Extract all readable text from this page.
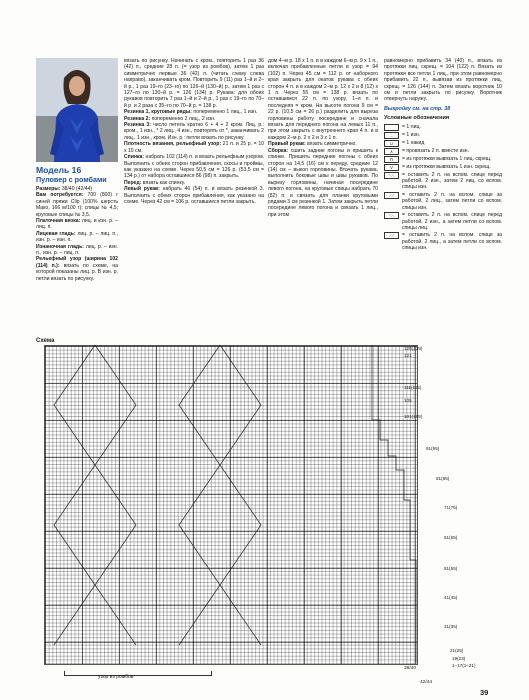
Модель 16
Пуловер с ромбами

Размеры: 38/40 (42/44)

Вам потребуется: 700 (800) г синей пряжи Clip (100% шерсть Мако, 166 м/100 г); спицы № 4,5; круговые спицы № 3,5.

Платочная вязка: лиц. и изн. р. – лиц. п.

Лицевая гладь: лиц. р. – лиц. п., изн. р. – изн. п.

Изнаночная гладь: лиц. р. – изн. п., изн. р. – лиц. п.

Рельефный узор (ширина 102 (114) п.): вязать по схеме, на которой показаны лиц. р. В изн. р. петли вязать по рисунку.

вязать по рисунку. Начинать с кром., повторить 1 раз 36 (42) п., средние 28 п. (= узор из ромбов), затем 1 раз симметрично первые 36 (42) п. (читать схему слева направо), заканчивать кром. Повторить 9 (11) раз 1–й и 2–й р., 1 раз 19–го (23–го) по 126–й (130–й) р., затем 1 раз с 127–го по 130–й р. = 126 (134) р. Рукава: для обоих рукавов повторить 7 раз 1–й и 2–й р., 1 раз с 19–го по 70–й р. и 2 раза с 35–го по 70–й р. = 138 р.

Резинка 1, круговые ряды: попеременно 1 лиц., 1 изн.

Резинка 2: попеременно 2 лиц., 2 изн.

Резинка 3: число петель кратно 6 + 4 + 2 кром. Лиц. р.: кром., 1 изн., * 2 лиц., 4 изн., повторять от *, заканчивать 2 лиц., 1 изн., кром. Изн. р.: петли вязать по рисунку.

Плотность вязания, рельефный узор: 21 п. и 25 р. = 10 х 10 см.

Спинка: набрать 102 (114) п. и вязать рельефным узором. Выполнить с обеих сторон прибавления, скосы и проймы, как указано на схеме. Через 50,5 см = 126 р. (53,5 см = 134 р.) от набора оставшиеся 86 (98) п. закрыть.

Перед: вязать как спинку.

Левый рукав: набрать 46 (54) п. и вязать резинкой 3. Выполнить с обеих сторон прибавления, как указано на схеме. Через 42 см = 106 р. оставшиеся петли закрыть.

дом 4–м р. 18 х 1 п. и в каждом 6–м р. 9 х 1 п., включая прибавленные петли в узор = 94 (102) п. Через 45 см = 112 р. от наборного края закрыть для окатов рукава с обеих сторон 4 п. и в каждом 2–м р. 12 х 2 и 8 (12) х 1 п. Через 55 см = 138 р. вязать по оставшимся 22 п. по узору, 1–я п. и последняя = кром. На высоте погона 9 см = 22 р. (10,5 см = 26 р.) разделить для выреза горловины работу посередине и сначала вязать для переднего погона на левых 11 п., при этом закрыть с внутреннего края 4 п. и в каждом 2–м р. 2 х 2 и 3 х 1 п.

Правый рукав: вязать симметрично.

Сборка: сшить задние погоны и пришить к спинке. Пришить передние погоны с обеих сторон на 14,5 (16) см к переду, средние 12 (14) см – выкол горловины. Втачать рукава, выполнить боковые швы и швы рукавов. По вырезу горловины, начиная посередине левого погона, на круговые спицы набрать 70 (82) п. и связать для планки круговыми рядами 3 см резинкой 1. Затем закрыть петли посередине левого погона и связать 1 лиц., при этом

равномерно прибавить 34 (40) п., вязать из протяжки лиц. скрещ. = 104 (122) п. Вязать из протяжки все петли 1 лиц., при этом равномерно прибавить 22 п., вывязав из протяжки лиц. скрещ. = 126 (144) п. Затем вязать воротник 10 см и петли закрыть по рисунку. Воротник отвернуть наружу.

Выкройку см. на стр. 38
Условные обозначения
= 1 лиц.
–	= 1 изн.
U	= 1 накид
∧	= провязать 2 п. вместе изн.
ꓵ	= из протяжки вывязать 1 лиц. скрещ.
Ⅴ	= из протяжки вывязать 1 изн. скрещ.
⟍⟍	= оставить 2 п. на вспом. спице перед работой, 2 изн., затем 2 лиц. со вспом. спицы изн.
⟋⟋	= оставить 2 п. на вспом. спице за работой, 2 лиц., затем петли со вспом. спицы изн.
⟍⟍	= оставить 2 п. на вспом. спице перед работой, 2 изн., а затем петли со вспом. спицы лиц.
⟋⟋	= оставить 2 п. на вспом. спице за работой, 2 лиц., а затем петли со вспом. спицы изн.
Схема
125(129)
121
111(115)
105
101(105)
91(95)
81(85)
71(75)
61(65)
51(55)
41(45)
31(35)
21(25)
19(23)
1–17(1–21)
узор из ромбов
38/40
42/44
39
